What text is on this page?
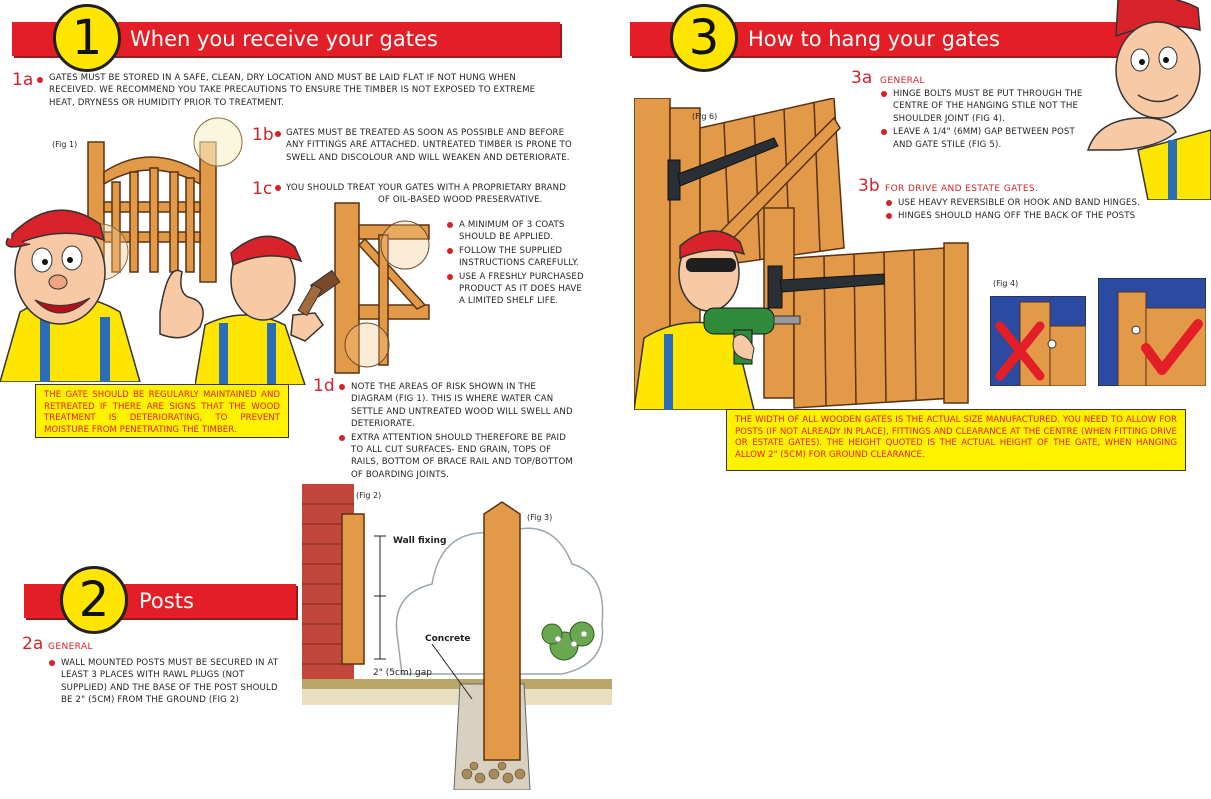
When you receive your gates
1
1a GATES MUST BE STORED IN A SAFE, CLEAN, DRY LOCATION AND MUST BE LAID FLAT IF NOT HUNG WHEN RECEIVED. WE RECOMMEND YOU TAKE PRECAUTIONS TO ENSURE THE TIMBER IS NOT EXPOSED TO EXTREME HEAT, DRYNESS OR HUMIDITY PRIOR TO TREATMENT.
(Fig 1)	1b GATES MUST BE TREATED AS SOON AS POSSIBLE AND BEFORE ANY FITTINGS ARE ATTACHED. UNTREATED TIMBER IS PRONE TO SWELL AND DISCOLOUR AND WILL WEAKEN AND DETERIORATE.
1c YOU SHOULD TREAT YOUR GATES WITH A PROPRIETARY BRAND
OF OIL-BASED WOOD PRESERVATIVE.
A MINIMUM OF 3 COATS SHOULD BE APPLIED.
FOLLOW THE SUPPLIED INSTRUCTIONS CAREFULLY.
USE A FRESHLY PURCHASED PRODUCT AS IT DOES HAVE A LIMITED SHELF LIFE.
THE GATE SHOULD BE REGULARLY MAINTAINED AND RETREATED IF THERE ARE SIGNS THAT THE WOOD TREATMENT IS DETERIORATING, TO PREVENT MOISTURE FROM PENETRATING THE TIMBER.
1d	NOTE THE AREAS OF RISK SHOWN IN THE DIAGRAM (FIG 1). THIS IS WHERE WATER CAN SETTLE AND UNTREATED WOOD WILL SWELL AND DETERIORATE.
EXTRA ATTENTION SHOULD THEREFORE BE PAID TO ALL CUT SURFACES- END GRAIN, TOPS OF RAILS, BOTTOM OF BRACE RAIL AND TOP/BOTTOM OF BOARDING JOINTS.
Posts
2
2a GENERAL
WALL MOUNTED POSTS MUST BE SECURED IN AT LEAST 3 PLACES WITH RAWL PLUGS (NOT SUPPLIED) AND THE BASE OF THE POST SHOULD BE 2" (5CM) FROM THE GROUND (FIG 2)
(Fig 2)
(Fig 3)
Wall fixing
Concrete
2" (5cm) gap
How to hang your gates
3
3a GENERAL
HINGE BOLTS MUST BE PUT THROUGH THE CENTRE OF THE HANGING STILE NOT THE SHOULDER JOINT (FIG 4).
LEAVE A 1/4" (6MM) GAP BETWEEN POST AND GATE STILE (FIG 5).
3b FOR DRIVE AND ESTATE GATES.
USE HEAVY REVERSIBLE OR HOOK AND BAND HINGES.
HINGES SHOULD HANG OFF THE BACK OF THE POSTS
(Fig 6)
(Fig 4)
THE WIDTH OF ALL WOODEN GATES IS THE ACTUAL SIZE MANUFACTURED. YOU NEED TO ALLOW FOR POSTS (IF NOT ALREADY IN PLACE), FITTINGS AND CLEARANCE AT THE CENTRE (WHEN FITTING DRIVE OR ESTATE GATES). THE HEIGHT QUOTED IS THE ACTUAL HEIGHT OF THE GATE, WHEN HANGING ALLOW 2" (5CM) FOR GROUND CLEARANCE.
